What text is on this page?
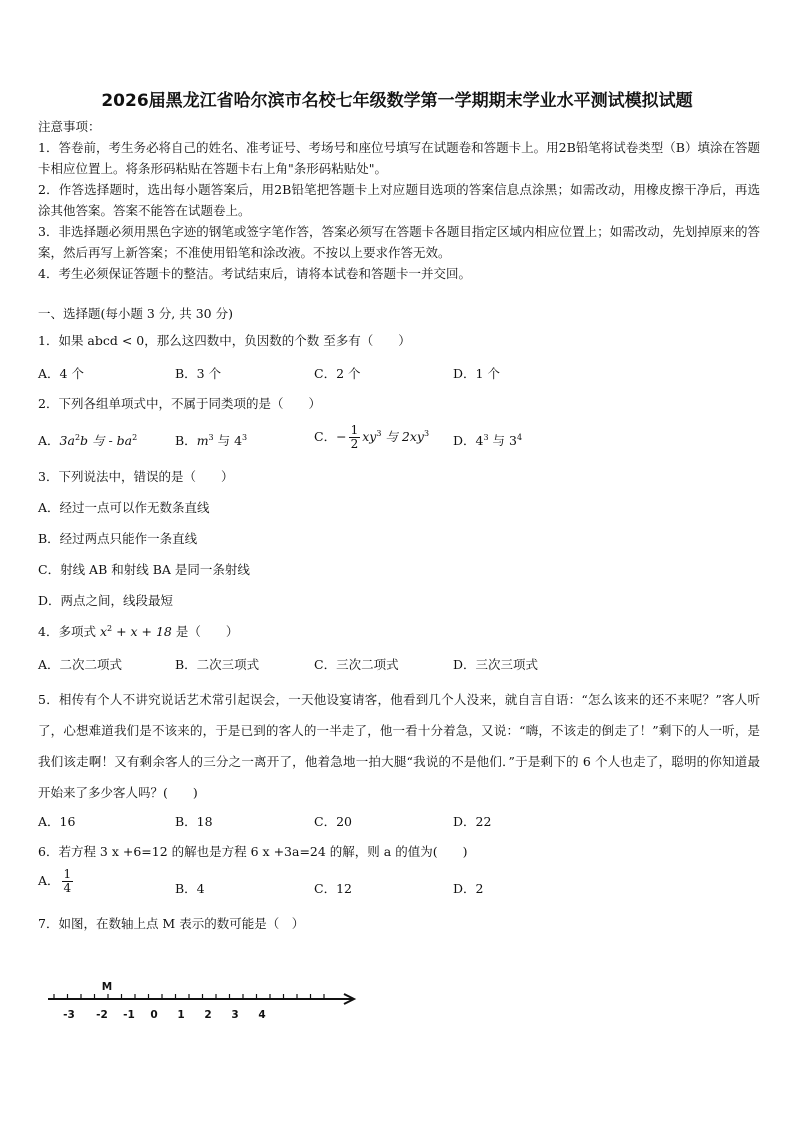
2026届黑龙江省哈尔滨市名校七年级数学第一学期期末学业水平测试模拟试题
注意事项：
1．答卷前，考生务必将自己的姓名、准考证号、考场号和座位号填写在试题卷和答题卡上。用2B铅笔将试卷类型（B）填涂在答题卡相应位置上。将条形码粘贴在答题卡右上角"条形码粘贴处"。
2．作答选择题时，选出每小题答案后，用2B铅笔把答题卡上对应题目选项的答案信息点涂黑；如需改动，用橡皮擦干净后，再选涂其他答案。答案不能答在试题卷上。
3．非选择题必须用黑色字迹的钢笔或签字笔作答，答案必须写在答题卡各题目指定区域内相应位置上；如需改动，先划掉原来的答案，然后再写上新答案；不准使用铅笔和涂改液。不按以上要求作答无效。
4．考生必须保证答题卡的整洁。考试结束后，请将本试卷和答题卡一并交回。
一、选择题(每小题 3 分, 共 30 分)
1．如果 abcd < 0，那么这四数中，负因数的个数 至多有（　　）
A．4 个	B．3 个	C．2 个	D．1 个
2．下列各组单项式中，不属于同类项的是（　　）
A．$3a^2b$ 与 - $ba^2$	B．$m^3$ 与 $4^3$	C．− $\frac{1}{2} xy^3$ 与 $2xy^3$ D．$4^3$ 与 $3^4$
3．下列说法中，错误的是（　　）
A．经过一点可以作无数条直线
B．经过两点只能作一条直线
C．射线 AB 和射线 BA 是同一条射线
D．两点之间，线段最短
4．多项式 $x^2 + x + 18$ 是（　　）
A．二次二项式	B．二次三项式	C．三次二项式	D．三次三项式
5．相传有个人不讲究说话艺术常引起误会，一天他设宴请客，他看到几个人没来，就自言自语：“怎么该来的还不来呢？”客人听了，心想难道我们是不该来的，于是已到的客人的一半走了，他一看十分着急，又说：“嗨，不该走的倒走了！”剩下的人一听，是我们该走啊！又有剩余客人的三分之一离开了，他着急地一拍大腿“我说的不是他们．”于是剩下的 6 个人也走了，聪明的你知道最开始来了多少客人吗？(　　)
A．16	B．18	C．20	D．22
6．若方程 3 x +6=12 的解也是方程 6 x +3a=24 的解，则 a 的值为(　　)
A． $\frac{1}{4}$	B．4	C．12	D．2
7．如图，在数轴上点 M 表示的数可能是（　）
-3 -2 -1 0 1 2 3 4
M
